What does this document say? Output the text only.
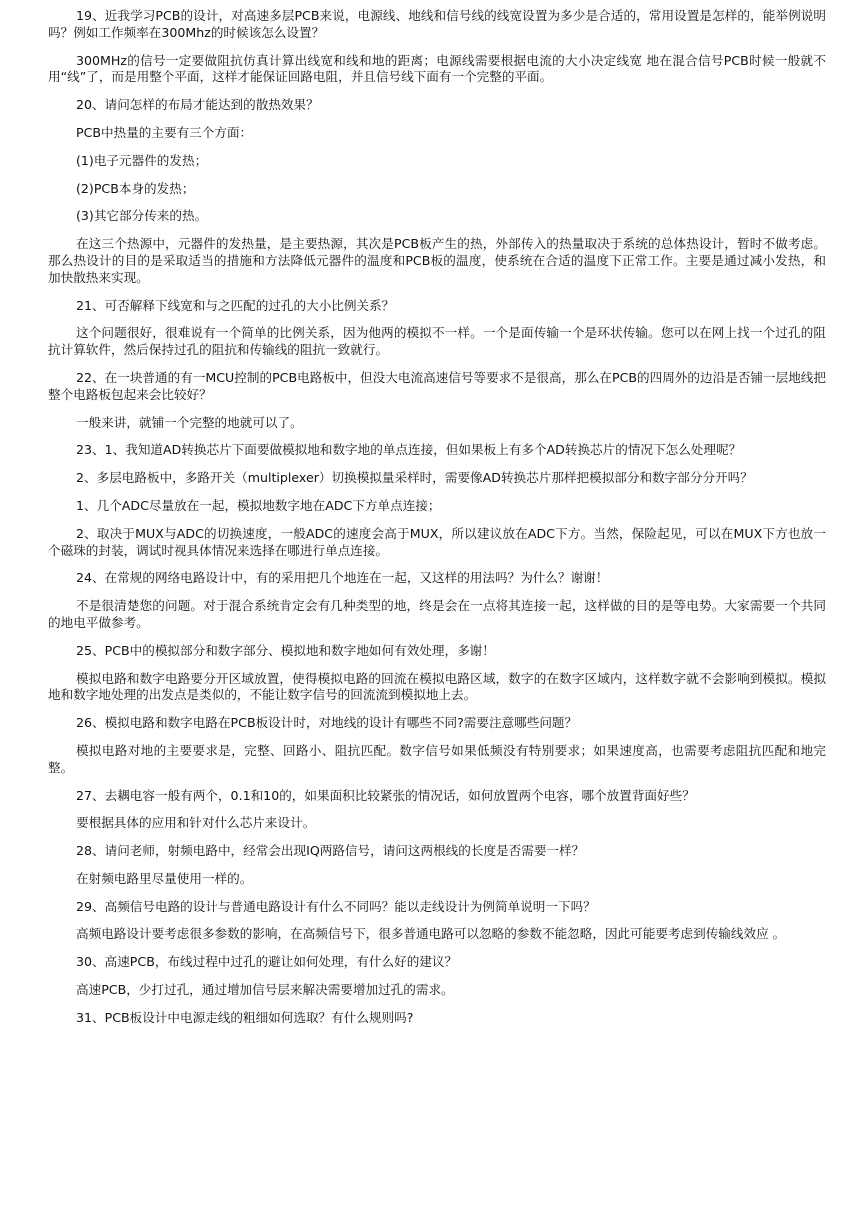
19、近我学习PCB的设计，对高速多层PCB来说，电源线、地线和信号线的线宽设置为多少是合适的，常用设置是怎样的，能举例说明吗？例如工作频率在300Mhz的时候该怎么设置？

300MHz的信号一定要做阻抗仿真计算出线宽和线和地的距离；电源线需要根据电流的大小决定线宽 地在混合信号PCB时候一般就不用“线”了，而是用整个平面，这样才能保证回路电阻，并且信号线下面有一个完整的平面。

20、请问怎样的布局才能达到的散热效果？

PCB中热量的主要有三个方面：

(1)电子元器件的发热；

(2)PCB本身的发热；

(3)其它部分传来的热。

在这三个热源中，元器件的发热量，是主要热源，其次是PCB板产生的热，外部传入的热量取决于系统的总体热设计，暂时不做考虑。那么热设计的目的是采取适当的措施和方法降低元器件的温度和PCB板的温度，使系统在合适的温度下正常工作。主要是通过减小发热，和加快散热来实现。

21、可否解释下线宽和与之匹配的过孔的大小比例关系？

这个问题很好，很难说有一个简单的比例关系，因为他两的模拟不一样。一个是面传输一个是环状传输。您可以在网上找一个过孔的阻抗计算软件，然后保持过孔的阻抗和传输线的阻抗一致就行。

22、在一块普通的有一MCU控制的PCB电路板中，但没大电流高速信号等要求不是很高，那么在PCB的四周外的边沿是否铺一层地线把整个电路板包起来会比较好？

一般来讲，就铺一个完整的地就可以了。

23、1、我知道AD转换芯片下面要做模拟地和数字地的单点连接，但如果板上有多个AD转换芯片的情况下怎么处理呢？

2、多层电路板中，多路开关（multiplexer）切换模拟量采样时，需要像AD转换芯片那样把模拟部分和数字部分分开吗？

1、几个ADC尽量放在一起，模拟地数字地在ADC下方单点连接；

2、取决于MUX与ADC的切换速度，一般ADC的速度会高于MUX，所以建议放在ADC下方。当然，保险起见，可以在MUX下方也放一个磁珠的封装，调试时视具体情况来选择在哪进行单点连接。

24、在常规的网络电路设计中，有的采用把几个地连在一起，又这样的用法吗？为什么？谢谢！

不是很清楚您的问题。对于混合系统肯定会有几种类型的地，终是会在一点将其连接一起，这样做的目的是等电势。大家需要一个共同的地电平做参考。

25、PCB中的模拟部分和数字部分、模拟地和数字地如何有效处理，多谢！

模拟电路和数字电路要分开区域放置，使得模拟电路的回流在模拟电路区域，数字的在数字区域内，这样数字就不会影响到模拟。模拟地和数字地处理的出发点是类似的，不能让数字信号的回流流到模拟地上去。

26、模拟电路和数字电路在PCB板设计时，对地线的设计有哪些不同?需要注意哪些问题？

模拟电路对地的主要要求是，完整、回路小、阻抗匹配。数字信号如果低频没有特别要求；如果速度高，也需要考虑阻抗匹配和地完整。

27、去耦电容一般有两个，0.1和10的，如果面积比较紧张的情况话，如何放置两个电容，哪个放置背面好些？

要根据具体的应用和针对什么芯片来设计。

28、请问老师，射频电路中，经常会出现IQ两路信号，请问这两根线的长度是否需要一样？

在射频电路里尽量使用一样的。

29、高频信号电路的设计与普通电路设计有什么不同吗？能以走线设计为例简单说明一下吗？

高频电路设计要考虑很多参数的影响，在高频信号下，很多普通电路可以忽略的参数不能忽略，因此可能要考虑到传输线效应 。

30、高速PCB，布线过程中过孔的避让如何处理，有什么好的建议？

高速PCB，少打过孔，通过增加信号层来解决需要增加过孔的需求。

31、PCB板设计中电源走线的粗细如何选取？有什么规则吗?
